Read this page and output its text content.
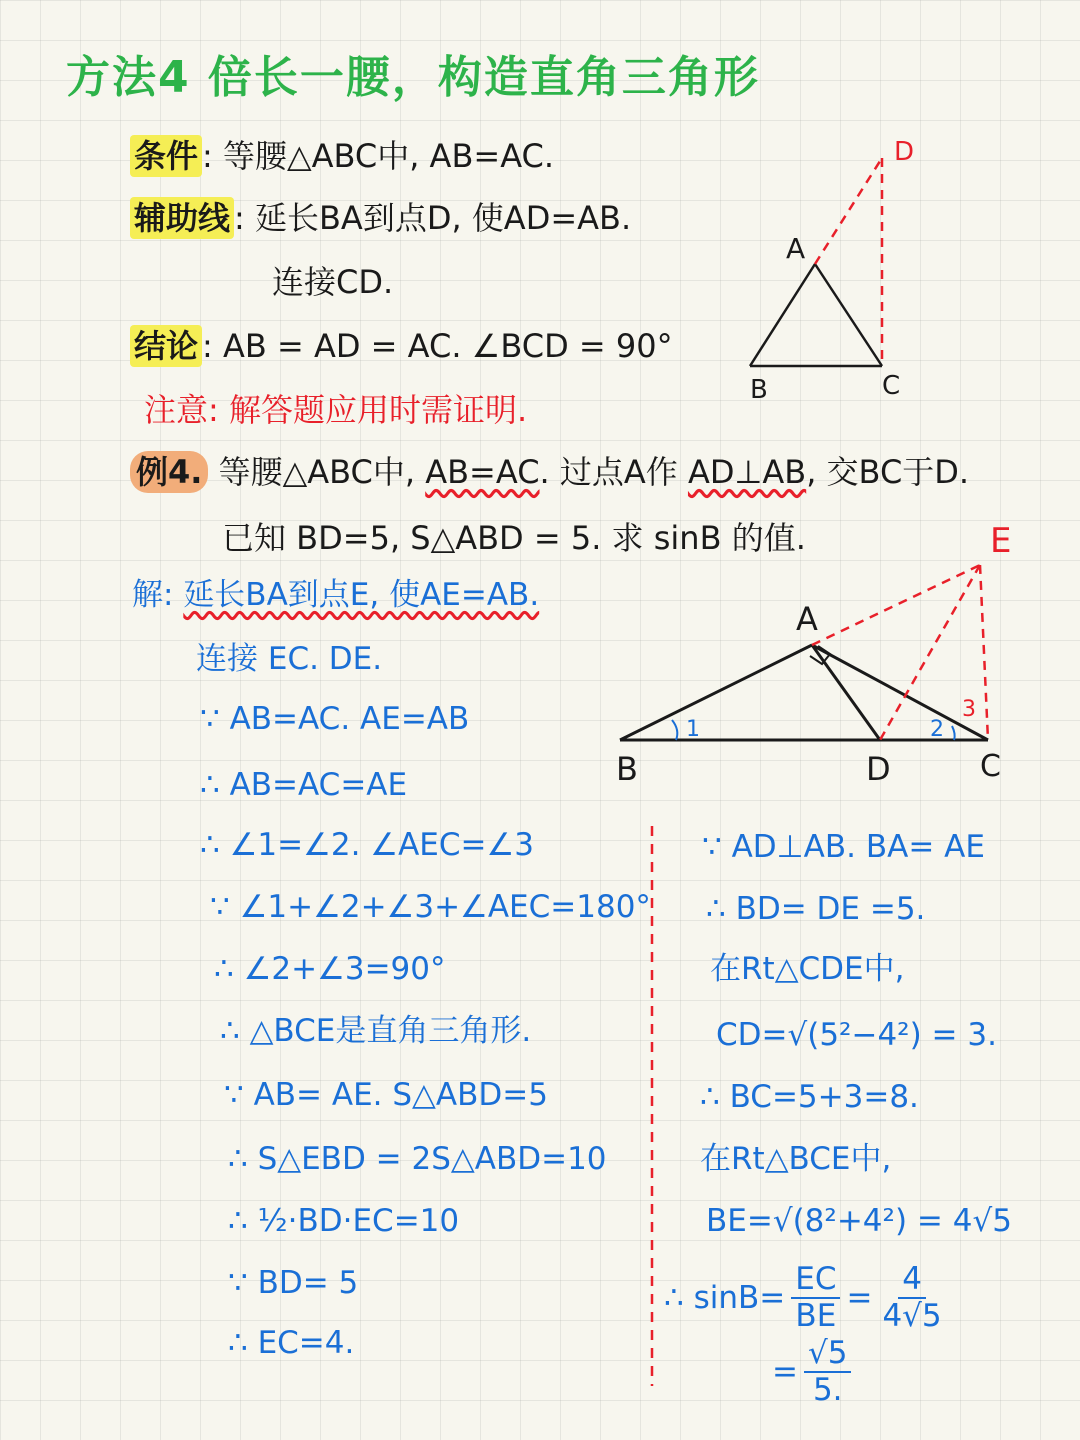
方法4 倍长一腰，构造直角三角形
条件 : 等腰△ABC中, AB=AC.
辅助线 : 延长BA到点D, 使AD=AB.
连接CD.
结论 : AB = AD = AC. ∠BCD = 90°
注意: 解答题应用时需证明.
A
B	C
D
例4. 等腰△ABC中, AB=AC. 过点A作 AD⊥AB, 交BC于D.
已知 BD=5, S△ABD = 5. 求 sinB 的值.
1	2
3
A
B	D	C
E
解: 延长BA到点E, 使AE=AB.
连接 EC. DE.
∵ AB=AC. AE=AB
∴ AB=AC=AE
∴ ∠1=∠2. ∠AEC=∠3
∵ ∠1+∠2+∠3+∠AEC=180°
∴ ∠2+∠3=90°
∴ △BCE是直角三角形.
∵ AB= AE. S△ABD=5
∴ S△EBD = 2S△ABD=10
∴ ½·BD·EC=10
∵ BD= 5
∴ EC=4.
∵ AD⊥AB. BA= AE
∴ BD= DE =5.
在Rt△CDE中,
CD=√(5²−4²) = 3.
∴ BC=5+3=8.
在Rt△BCE中,
BE=√(8²+4²) = 4√5
∴ $\sin B= \frac{EC}{BE} = \frac{4}{4√5}$
= $\frac{√5}{5.}$
